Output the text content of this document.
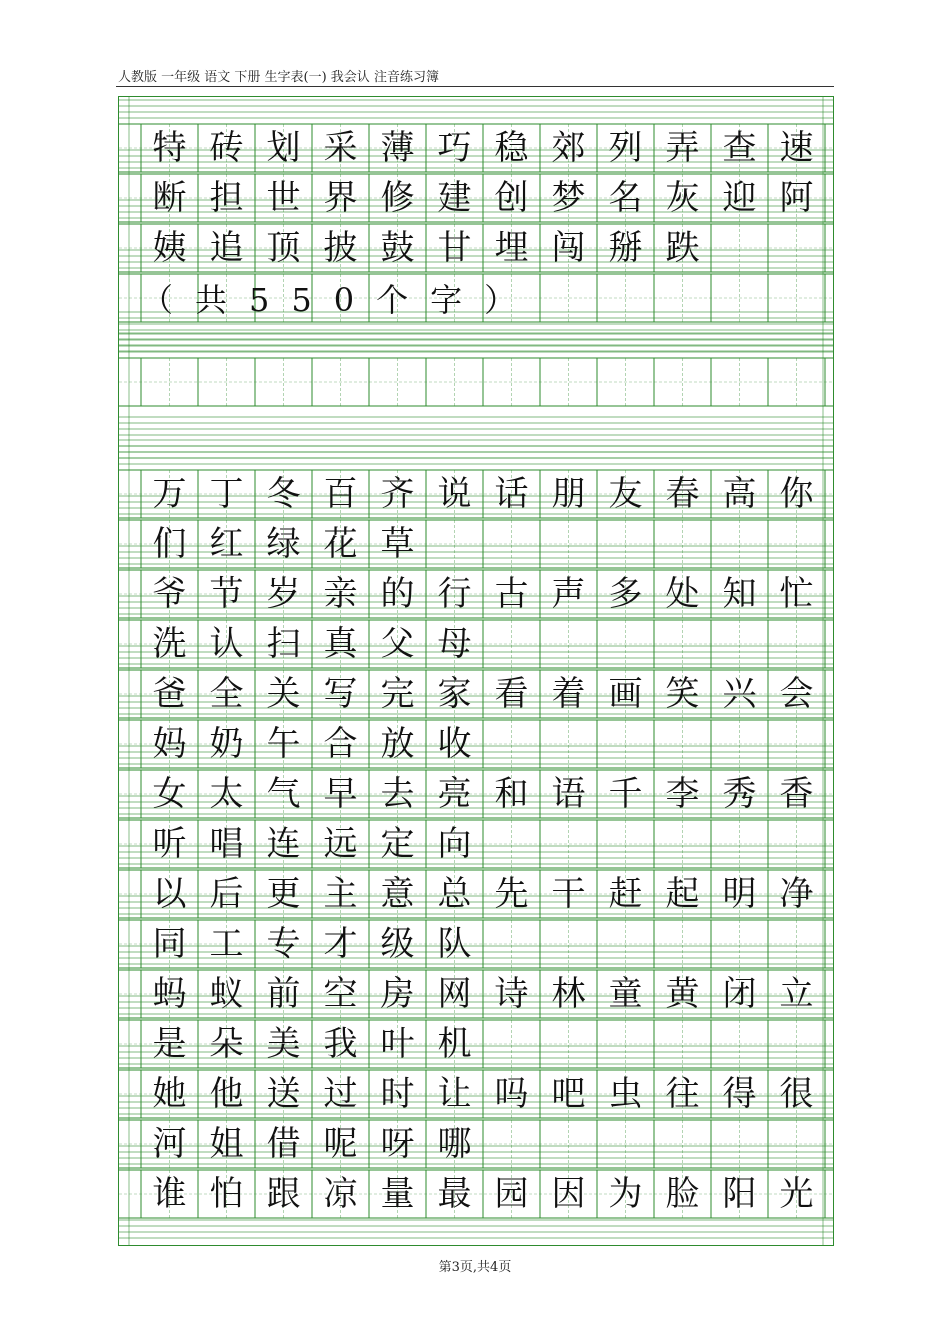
人教版 一年级 语文 下册 生字表(一) 我会认 注音练习簿
特 砖 划 采 薄 巧 稳 郊 列 弄 查 速
断 担 世 界 修 建 创 梦 名 灰 迎 阿
姨 追 顶 披 鼓 甘 埋 闯 掰 跌
（共550个字）
万 丁 冬 百 齐 说 话 朋 友 春 高 你
们 红 绿 花 草
爷 节 岁 亲 的 行 古 声 多 处 知 忙
洗 认 扫 真 父 母
爸 全 关 写 完 家 看 着 画 笑 兴 会
妈 奶 午 合 放 收
女 太 气 早 去 亮 和 语 千 李 秀 香
听 唱 连 远 定 向
以 后 更 主 意 总 先 干 赶 起 明 净
同 工 专 才 级 队
蚂 蚁 前 空 房 网 诗 林 童 黄 闭 立
是 朵 美 我 叶 机
她 他 送 过 时 让 吗 吧 虫 往 得 很
河 姐 借 呢 呀 哪
谁 怕 跟 凉 量 最 园 因 为 脸 阳 光
第3页,共4页
